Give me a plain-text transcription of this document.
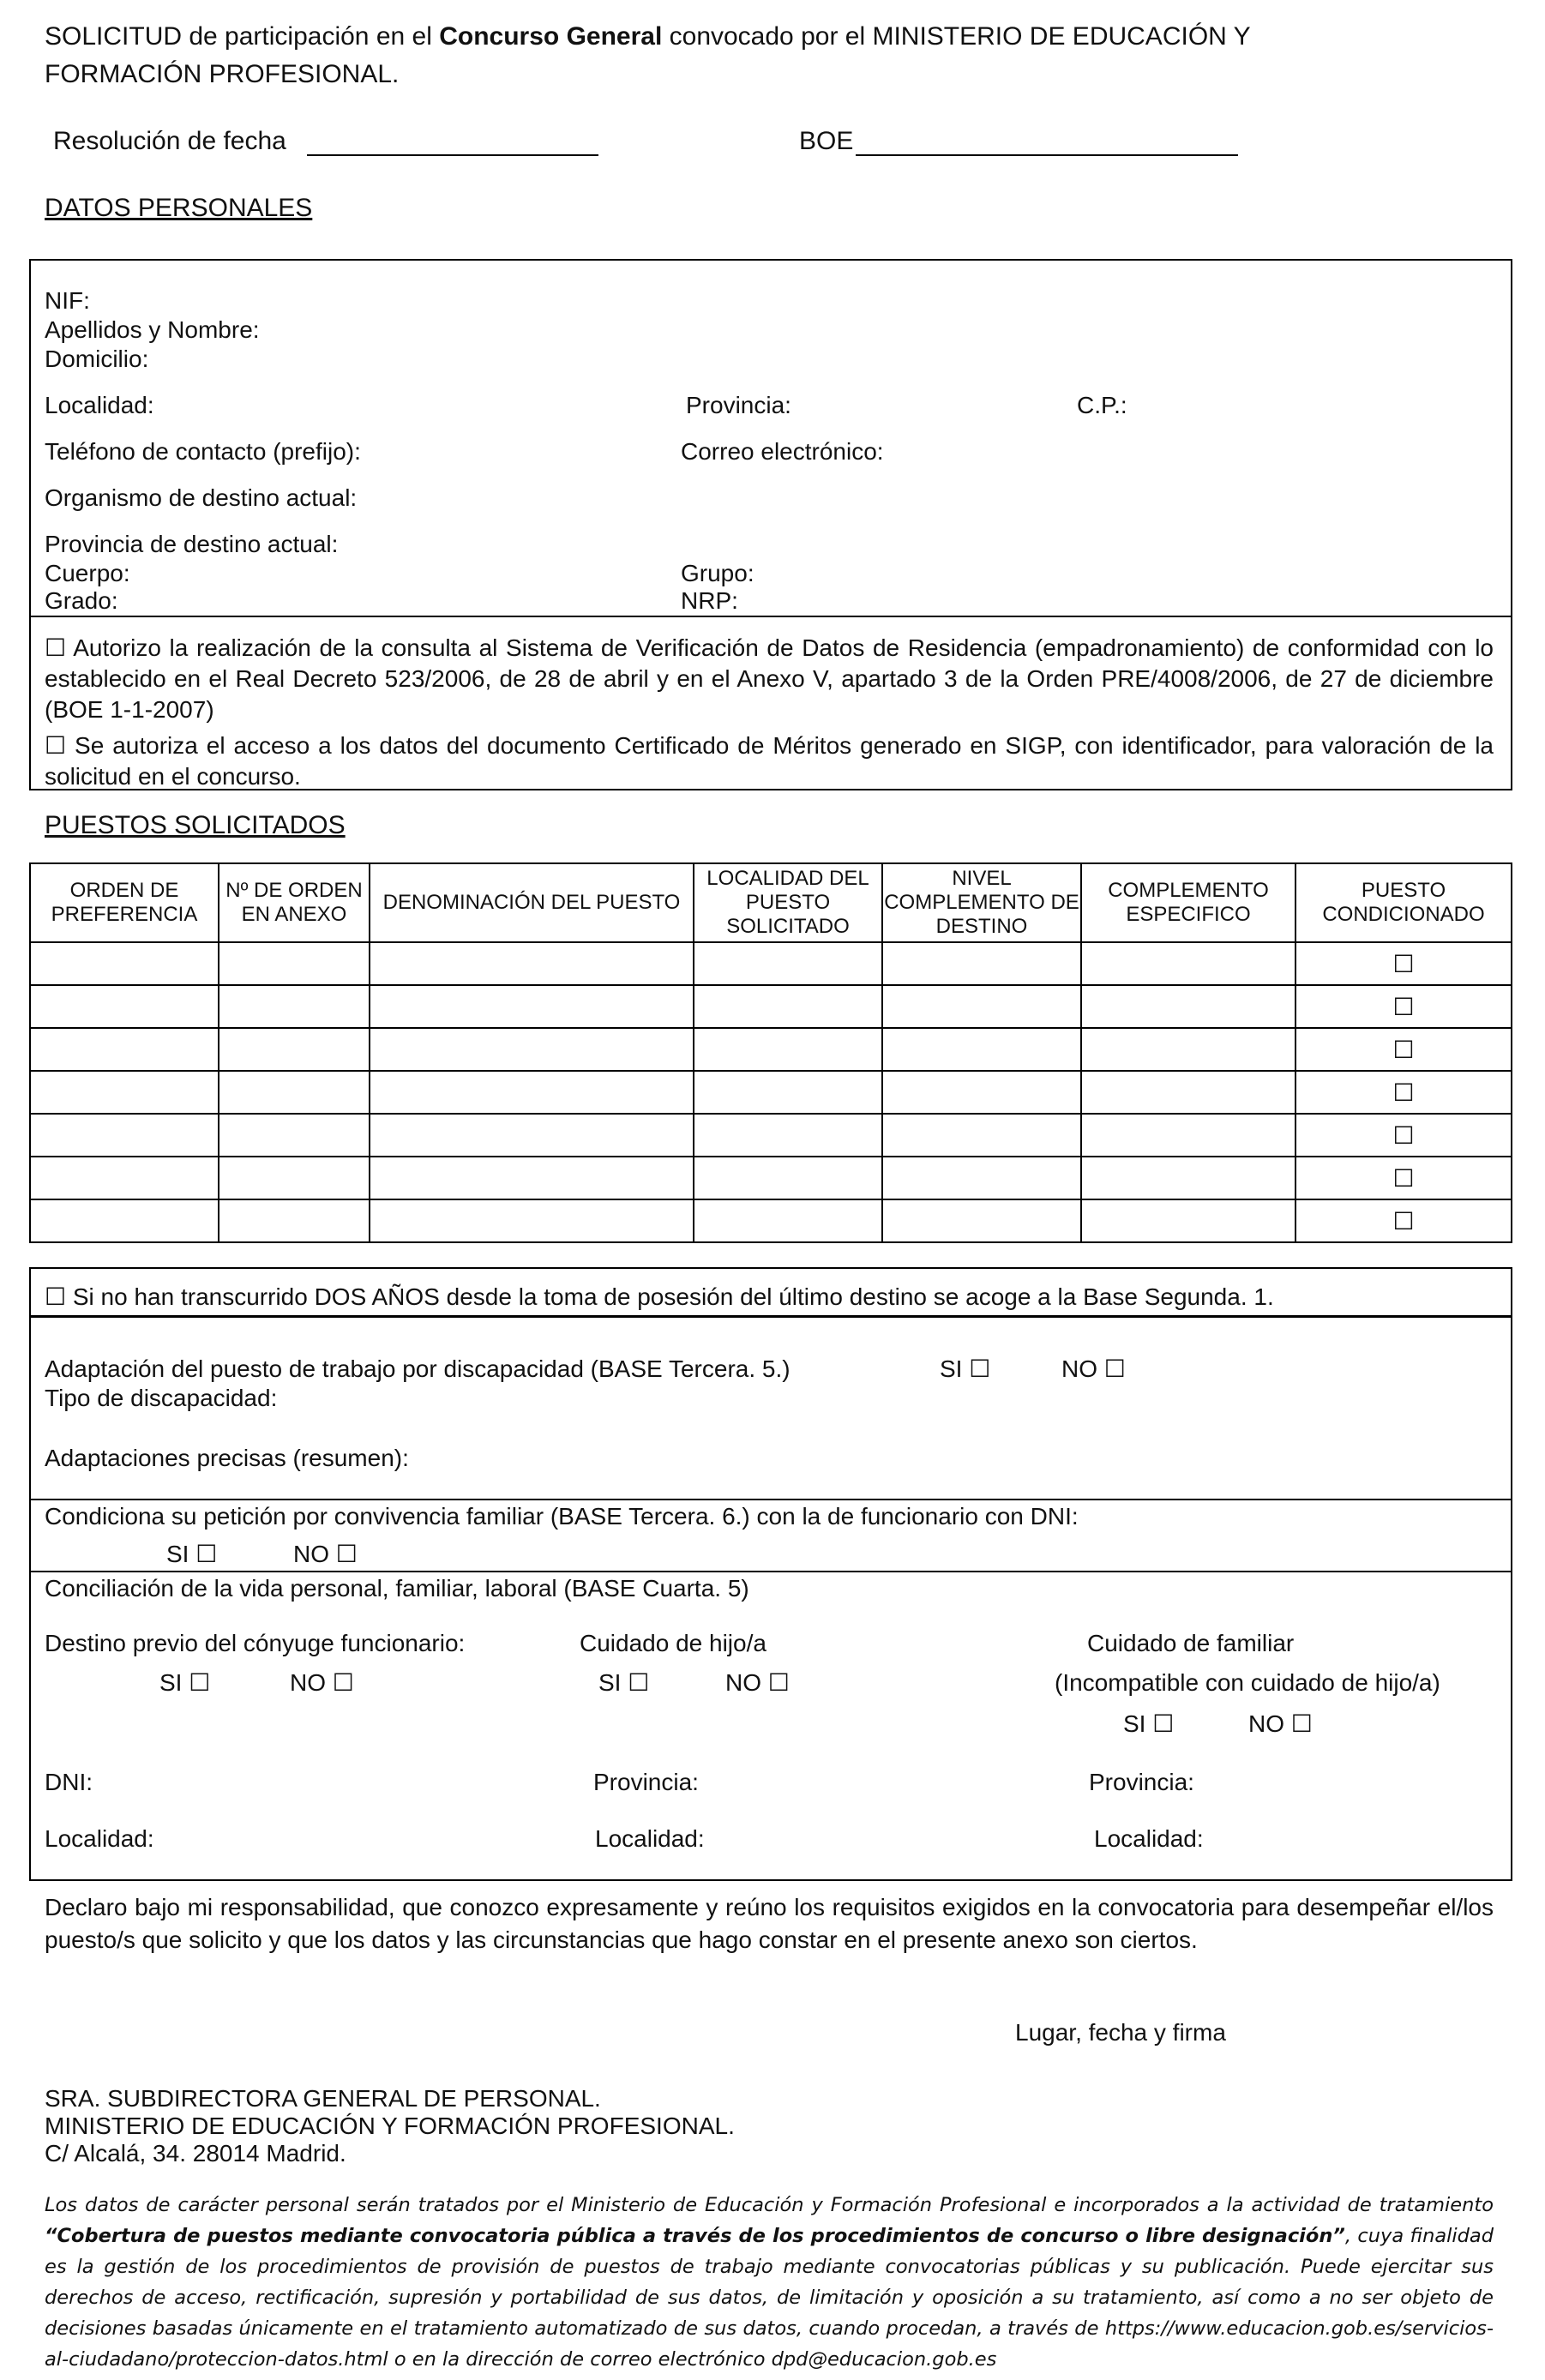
SOLICITUD de participación en el Concurso General convocado por el MINISTERIO DE EDUCACIÓN Y
FORMACIÓN PROFESIONAL.
Resolución de fecha	BOE
DATOS PERSONALES
NIF:
Apellidos y Nombre:
Domicilio:
Localidad:	Provincia:	C.P.:
Teléfono de contacto (prefijo):	Correo electrónico:
Organismo de destino actual:
Provincia de destino actual:
Cuerpo:	Grupo:
Grado:	NRP:
☐ Autorizo la realización de la consulta al Sistema de Verificación de Datos de Residencia (empadronamiento) de conformidad con lo establecido en el Real Decreto 523/2006, de 28 de abril y en el Anexo V, apartado 3 de la Orden PRE/4008/2006, de 27 de diciembre (BOE 1-1-2007)
☐ Se autoriza el acceso a los datos del documento Certificado de Méritos generado en SIGP, con identificador, para valoración de la solicitud en el concurso.
PUESTOS SOLICITADOS
ORDEN DE PREFERENCIA	Nº DE ORDEN EN ANEXO	DENOMINACIÓN DEL PUESTO	LOCALIDAD DEL PUESTO SOLICITADO	NIVEL COMPLEMENTO DE DESTINO	COMPLEMENTO ESPECIFICO	PUESTO CONDICIONADO
						☐
						☐
						☐
						☐
						☐
						☐
						☐
☐ Si no han transcurrido DOS AÑOS desde la toma de posesión del último destino se acoge a la Base Segunda. 1.
Adaptación del puesto de trabajo por discapacidad (BASE Tercera. 5.)	SI ☐	NO ☐
Tipo de discapacidad:
Adaptaciones precisas (resumen):
Condiciona su petición por convivencia familiar (BASE Tercera. 6.) con la de funcionario con DNI:
SI ☐	NO ☐
Conciliación de la vida personal, familiar, laboral (BASE Cuarta. 5)
Destino previo del cónyuge funcionario:	Cuidado de hijo/a	Cuidado de familiar
SI ☐	NO ☐	SI ☐	NO ☐	(Incompatible con cuidado de hijo/a)
SI ☐	NO ☐
DNI:	Provincia:	Provincia:
Localidad:	Localidad:	Localidad:
Declaro bajo mi responsabilidad, que conozco expresamente y reúno los requisitos exigidos en la convocatoria para desempeñar el/los puesto/s que solicito y que los datos y las circunstancias que hago constar en el presente anexo son ciertos.
Lugar, fecha y firma
SRA. SUBDIRECTORA GENERAL DE PERSONAL.
MINISTERIO DE EDUCACIÓN Y FORMACIÓN PROFESIONAL.
C/ Alcalá, 34. 28014 Madrid.
Los datos de carácter personal serán tratados por el Ministerio de Educación y Formación Profesional e incorporados a la actividad de tratamiento “Cobertura de puestos mediante convocatoria pública a través de los procedimientos de concurso o libre designación”, cuya finalidad es la gestión de los procedimientos de provisión de puestos de trabajo mediante convocatorias públicas y su publicación. Puede ejercitar sus derechos de acceso, rectificación, supresión y portabilidad de sus datos, de limitación y oposición a su tratamiento, así como a no ser objeto de decisiones basadas únicamente en el tratamiento automatizado de sus datos, cuando procedan, a través de https://www.educacion.gob.es/servicios-al-ciudadano/proteccion-datos.html o en la dirección de correo electrónico dpd@educacion.gob.es
